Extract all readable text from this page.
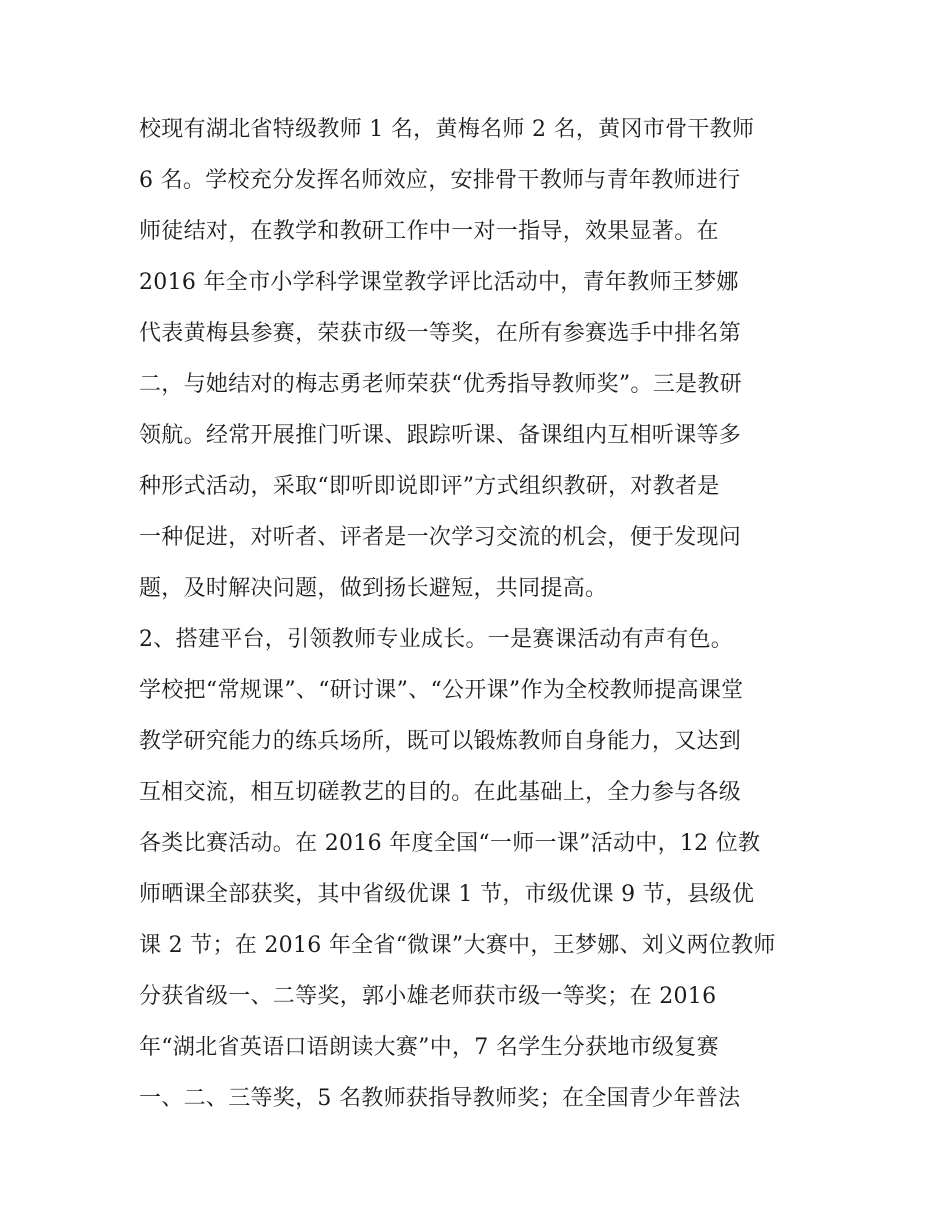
校现有湖北省特级教师 1 名，黄梅名师 2 名，黄冈市骨干教师
6 名。学校充分发挥名师效应，安排骨干教师与青年教师进行
师徒结对，在教学和教研工作中一对一指导，效果显著。在
2016 年全市小学科学课堂教学评比活动中，青年教师王梦娜
代表黄梅县参赛，荣获市级一等奖，在所有参赛选手中排名第
二，与她结对的梅志勇老师荣获“优秀指导教师奖”。三是教研
领航。经常开展推门听课、跟踪听课、备课组内互相听课等多
种形式活动，采取“即听即说即评”方式组织教研，对教者是
一种促进，对听者、评者是一次学习交流的机会，便于发现问
题，及时解决问题，做到扬长避短，共同提高。
2、搭建平台，引领教师专业成长。一是赛课活动有声有色。
学校把“常规课”、“研讨课”、“公开课”作为全校教师提高课堂
教学研究能力的练兵场所，既可以锻炼教师自身能力，又达到
互相交流，相互切磋教艺的目的。在此基础上，全力参与各级
各类比赛活动。在 2016 年度全国“一师一课”活动中，12 位教
师晒课全部获奖，其中省级优课 1 节，市级优课 9 节，县级优
课 2 节；在 2016 年全省“微课”大赛中，王梦娜、刘义两位教师
分获省级一、二等奖，郭小雄老师获市级一等奖；在 2016
年“湖北省英语口语朗读大赛”中，7 名学生分获地市级复赛
一、二、三等奖，5 名教师获指导教师奖；在全国青少年普法
